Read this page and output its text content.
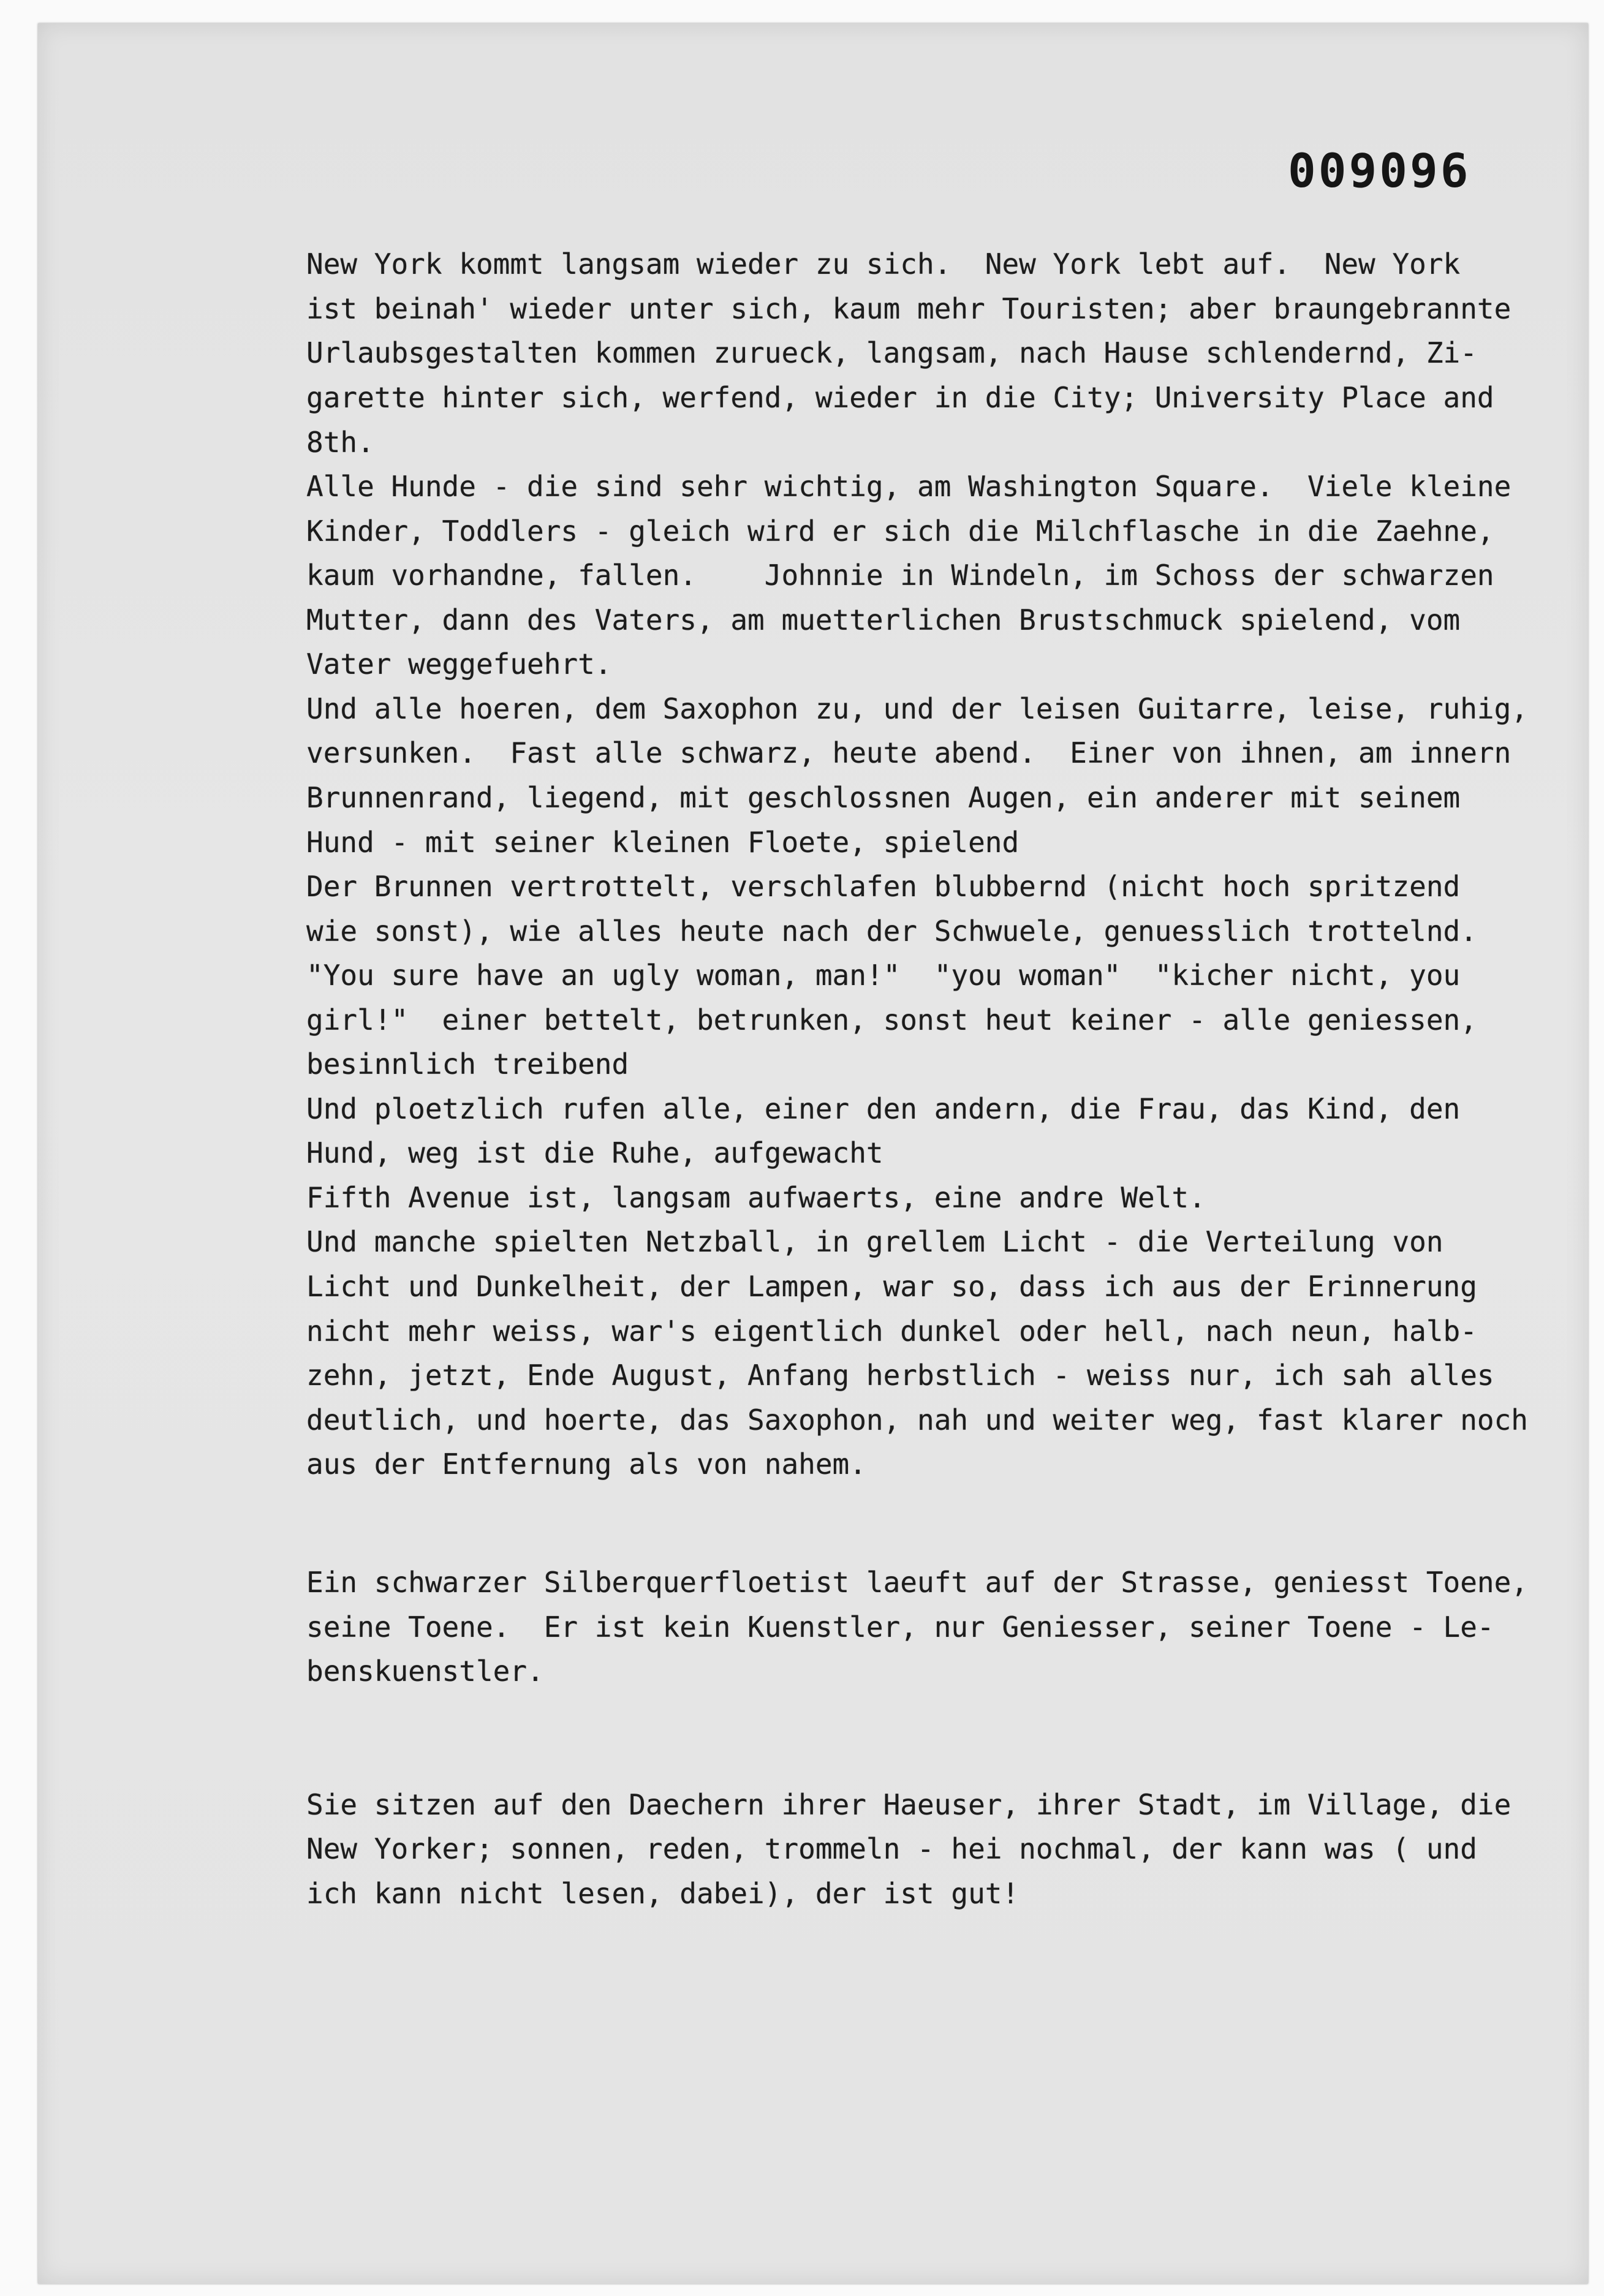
009096

New York kommt langsam wieder zu sich.  New York lebt auf.  New York

ist beinah' wieder unter sich, kaum mehr Touristen; aber braungebrannte

Urlaubsgestalten kommen zurueck, langsam, nach Hause schlendernd, Zi-

garette hinter sich, werfend, wieder in die City; University Place and

8th.

Alle Hunde - die sind sehr wichtig, am Washington Square.  Viele kleine

Kinder, Toddlers - gleich wird er sich die Milchflasche in die Zaehne,

kaum vorhandne, fallen.    Johnnie in Windeln, im Schoss der schwarzen

Mutter, dann des Vaters, am muetterlichen Brustschmuck spielend, vom

Vater weggefuehrt.

Und alle hoeren, dem Saxophon zu, und der leisen Guitarre, leise, ruhig,

versunken.  Fast alle schwarz, heute abend.  Einer von ihnen, am innern

Brunnenrand, liegend, mit geschlossnen Augen, ein anderer mit seinem

Hund - mit seiner kleinen Floete, spielend

Der Brunnen vertrottelt, verschlafen blubbernd (nicht hoch spritzend

wie sonst), wie alles heute nach der Schwuele, genuesslich trottelnd.

"You sure have an ugly woman, man!"  "you woman"  "kicher nicht, you

girl!"  einer bettelt, betrunken, sonst heut keiner - alle geniessen,

besinnlich treibend

Und ploetzlich rufen alle, einer den andern, die Frau, das Kind, den

Hund, weg ist die Ruhe, aufgewacht

Fifth Avenue ist, langsam aufwaerts, eine andre Welt.

Und manche spielten Netzball, in grellem Licht - die Verteilung von

Licht und Dunkelheit, der Lampen, war so, dass ich aus der Erinnerung

nicht mehr weiss, war's eigentlich dunkel oder hell, nach neun, halb-

zehn, jetzt, Ende August, Anfang herbstlich - weiss nur, ich sah alles

deutlich, und hoerte, das Saxophon, nah und weiter weg, fast klarer noch

aus der Entfernung als von nahem.

Ein schwarzer Silberquerfloetist laeuft auf der Strasse, geniesst Toene,

seine Toene.  Er ist kein Kuenstler, nur Geniesser, seiner Toene - Le-

benskuenstler.

Sie sitzen auf den Daechern ihrer Haeuser, ihrer Stadt, im Village, die

New Yorker; sonnen, reden, trommeln - hei nochmal, der kann was ( und

ich kann nicht lesen, dabei), der ist gut!
